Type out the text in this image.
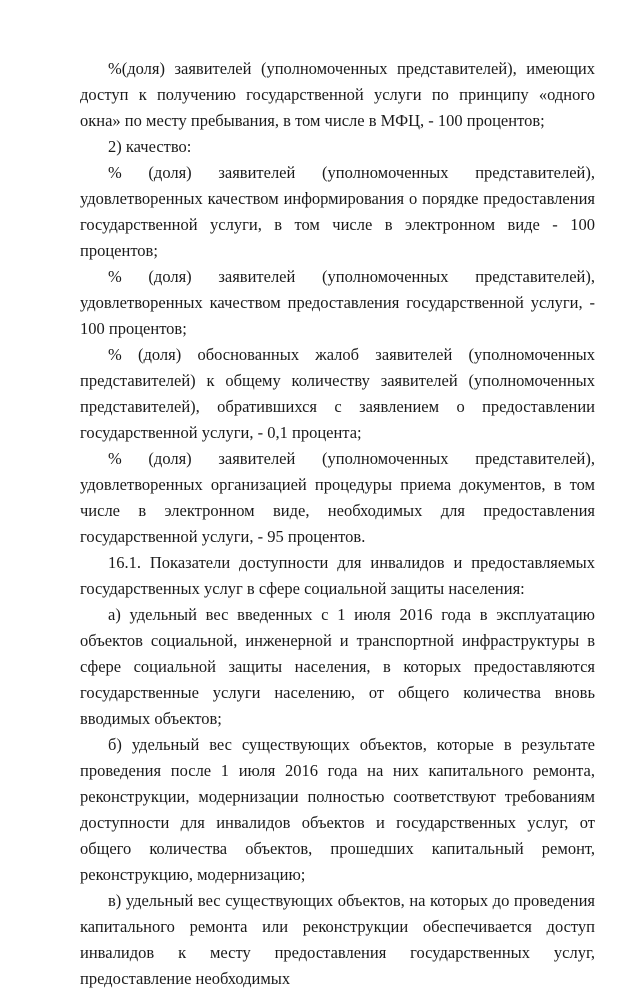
%(доля) заявителей (уполномоченных представителей), имеющих доступ к получению государственной услуги по принципу «одного окна» по месту пребывания, в том числе в МФЦ, - 100 процентов;

2) качество:

% (доля) заявителей (уполномоченных представителей), удовлетворенных качеством информирования о порядке предоставления государственной услуги, в том числе в электронном виде - 100 процентов;

% (доля) заявителей (уполномоченных представителей), удовлетворенных качеством предоставления государственной услуги, - 100 процентов;

% (доля) обоснованных жалоб заявителей (уполномоченных представителей) к общему количеству заявителей (уполномоченных представителей), обратившихся с заявлением о предоставлении государственной услуги, - 0,1 процента;

% (доля) заявителей (уполномоченных представителей), удовлетворенных организацией процедуры приема документов, в том числе в электронном виде, необходимых для предоставления государственной услуги, - 95 процентов.

16.1. Показатели доступности для инвалидов и предоставляемых государственных услуг в сфере социальной защиты населения:

а) удельный вес введенных с 1 июля 2016 года в эксплуатацию объектов социальной, инженерной и транспортной инфраструктуры в сфере социальной защиты населения, в которых предоставляются государственные услуги населению, от общего количества вновь вводимых объектов;

б) удельный вес существующих объектов, которые в результате проведения после 1 июля 2016 года на них капитального ремонта, реконструкции, модернизации полностью соответствуют требованиям доступности для инвалидов объектов и государственных услуг, от общего количества объектов, прошедших капитальный ремонт, реконструкцию, модернизацию;

в) удельный вес существующих объектов, на которых до проведения капитального ремонта или реконструкции обеспечивается доступ инвалидов к месту предоставления государственных услуг, предоставление необходимых
